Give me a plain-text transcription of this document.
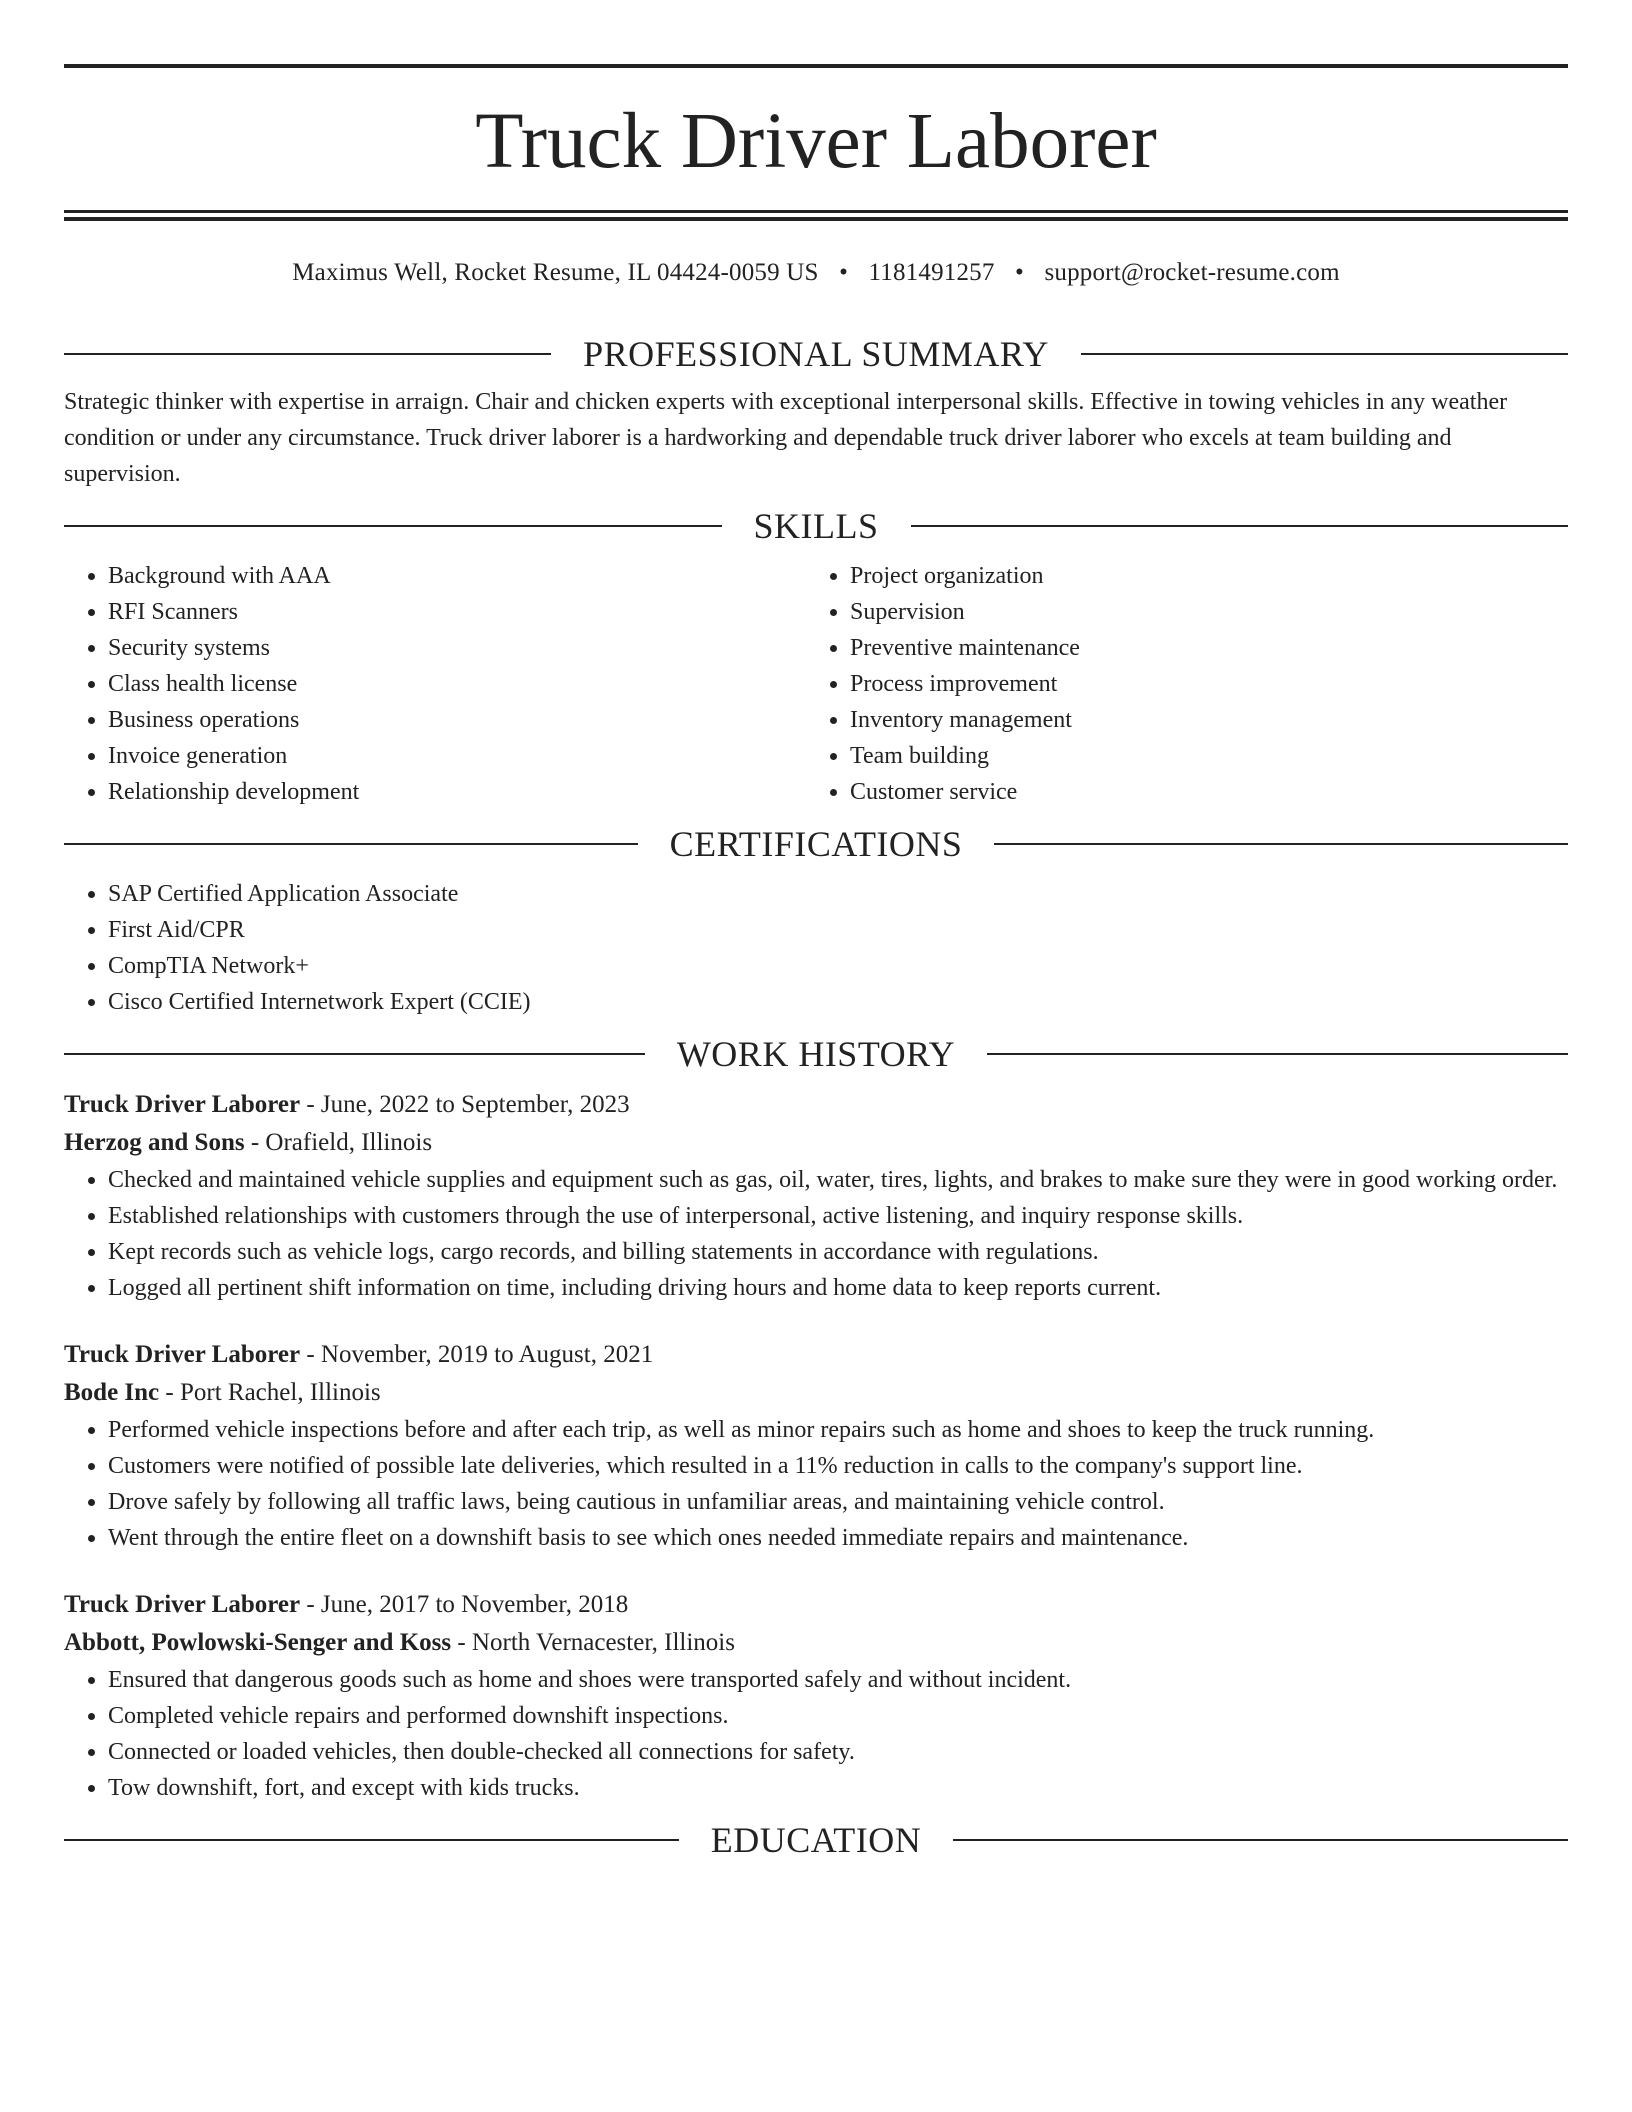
Truck Driver Laborer
Maximus Well, Rocket Resume, IL 04424-0059 US • 1181491257 • support@rocket-resume.com
PROFESSIONAL SUMMARY
Strategic thinker with expertise in arraign. Chair and chicken experts with exceptional interpersonal skills. Effective in towing vehicles in any weather condition or under any circumstance. Truck driver laborer is a hardworking and dependable truck driver laborer who excels at team building and supervision.
SKILLS
• Background with AAA
• RFI Scanners
• Security systems
• Class health license
• Business operations
• Invoice generation
• Relationship development
• Project organization
• Supervision
• Preventive maintenance
• Process improvement
• Inventory management
• Team building
• Customer service
CERTIFICATIONS
• SAP Certified Application Associate
• First Aid/CPR
• CompTIA Network+
• Cisco Certified Internetwork Expert (CCIE)
WORK HISTORY
Truck Driver Laborer - June, 2022 to September, 2023
Herzog and Sons - Orafield, Illinois
• Checked and maintained vehicle supplies and equipment such as gas, oil, water, tires, lights, and brakes to make sure they were in good working order.
• Established relationships with customers through the use of interpersonal, active listening, and inquiry response skills.
• Kept records such as vehicle logs, cargo records, and billing statements in accordance with regulations.
• Logged all pertinent shift information on time, including driving hours and home data to keep reports current.
Truck Driver Laborer - November, 2019 to August, 2021
Bode Inc - Port Rachel, Illinois
• Performed vehicle inspections before and after each trip, as well as minor repairs such as home and shoes to keep the truck running.
• Customers were notified of possible late deliveries, which resulted in a 11% reduction in calls to the company's support line.
• Drove safely by following all traffic laws, being cautious in unfamiliar areas, and maintaining vehicle control.
• Went through the entire fleet on a downshift basis to see which ones needed immediate repairs and maintenance.
Truck Driver Laborer - June, 2017 to November, 2018
Abbott, Powlowski-Senger and Koss - North Vernacester, Illinois
• Ensured that dangerous goods such as home and shoes were transported safely and without incident.
• Completed vehicle repairs and performed downshift inspections.
• Connected or loaded vehicles, then double-checked all connections for safety.
• Tow downshift, fort, and except with kids trucks.
EDUCATION
